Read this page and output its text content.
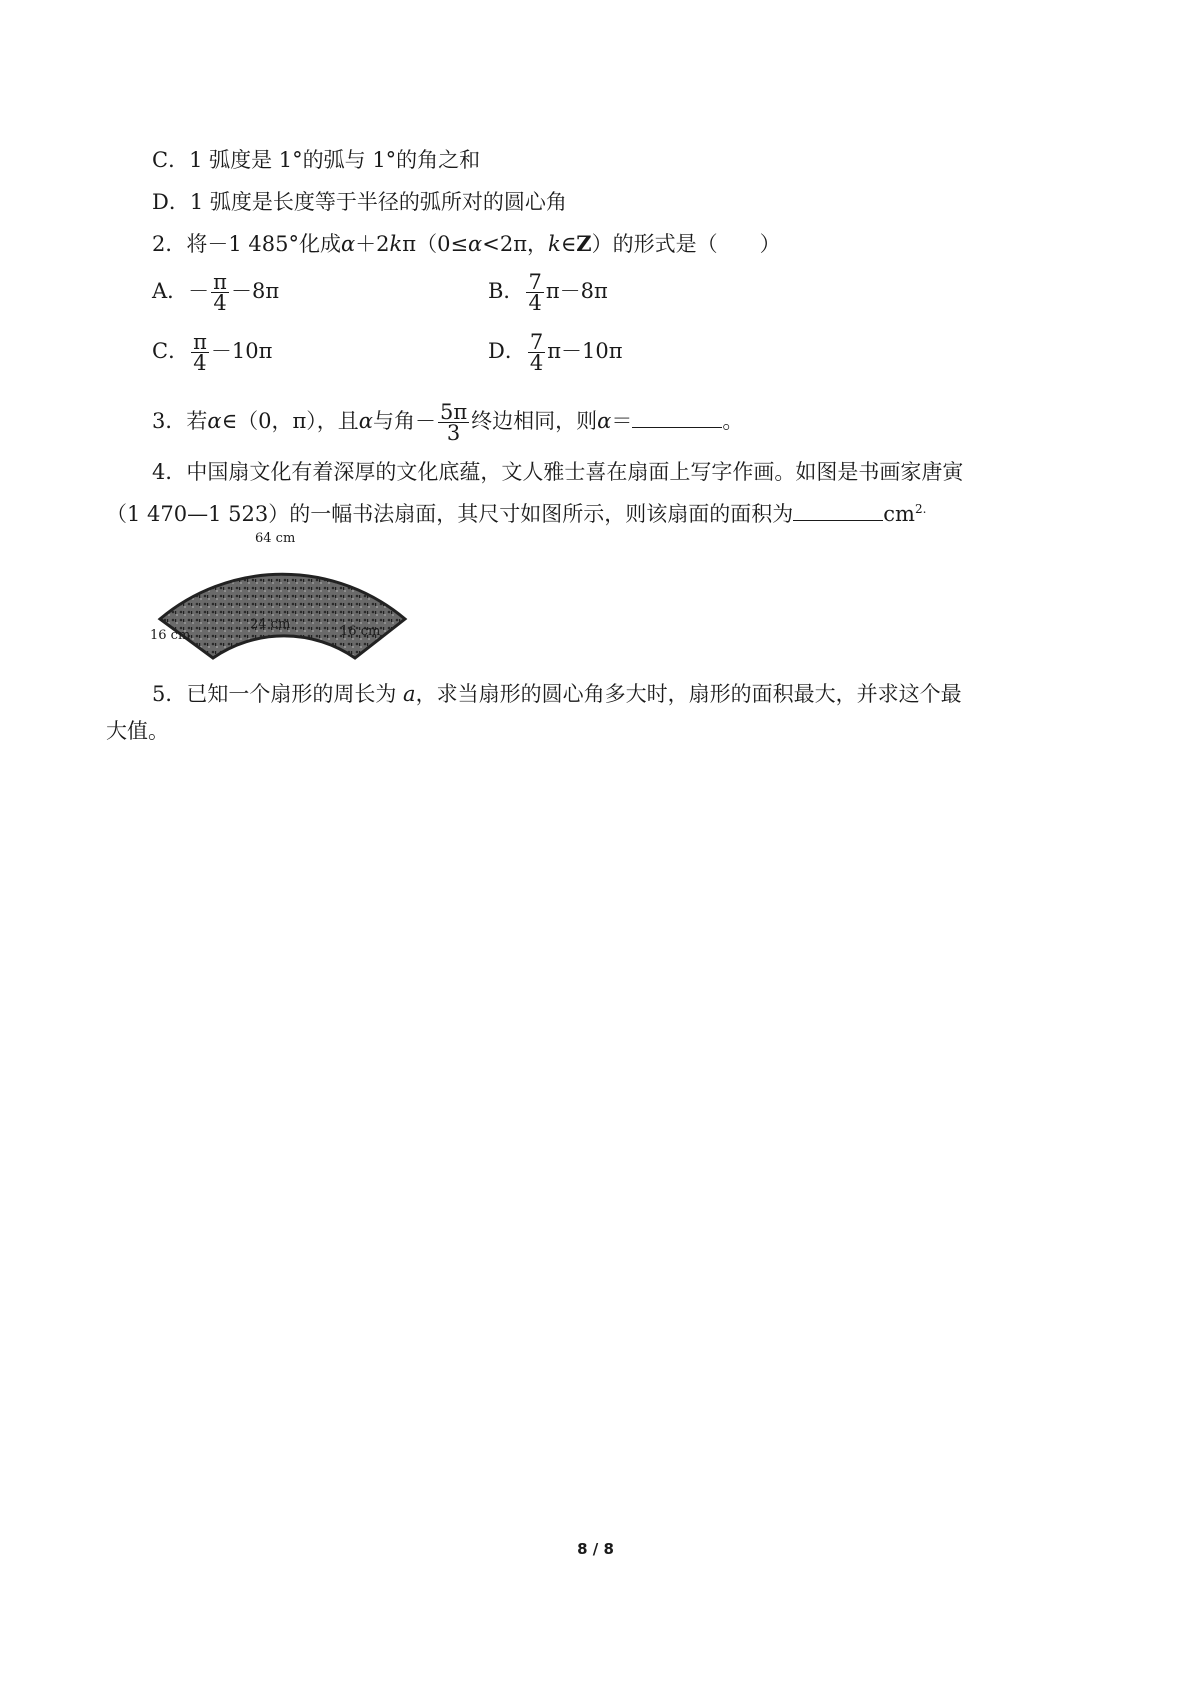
C．1 弧度是 1°的弧与 1°的角之和
D．1 弧度是长度等于半径的弧所对的圆心角
2．将－1 485°化成α＋2kπ（0≤α<2π，k∈Z）的形式是（　　）
A．－ $\frac{\pi}{4} -8\pi$	B． $\frac{7}{4} \pi-8\pi$
C． $\frac{\pi}{4} -10\pi$	D． $\frac{7}{4} \pi-10\pi$
3．若α∈（0，π），且α与角－ $\frac{5\pi}{3}$ 终边相同，则α＝	。
4．中国扇文化有着深厚的文化底蕴，文人雅士喜在扇面上写字作画。如图是书画家唐寅
（1 470—1 523）的一幅书法扇面，其尺寸如图所示，则该扇面的面积为	$cm^{2.}$
64 cm
24 cm
16 cm	16 cm
5．已知一个扇形的周长为 a，求当扇形的圆心角多大时，扇形的面积最大，并求这个最
大值。
8 / 8
